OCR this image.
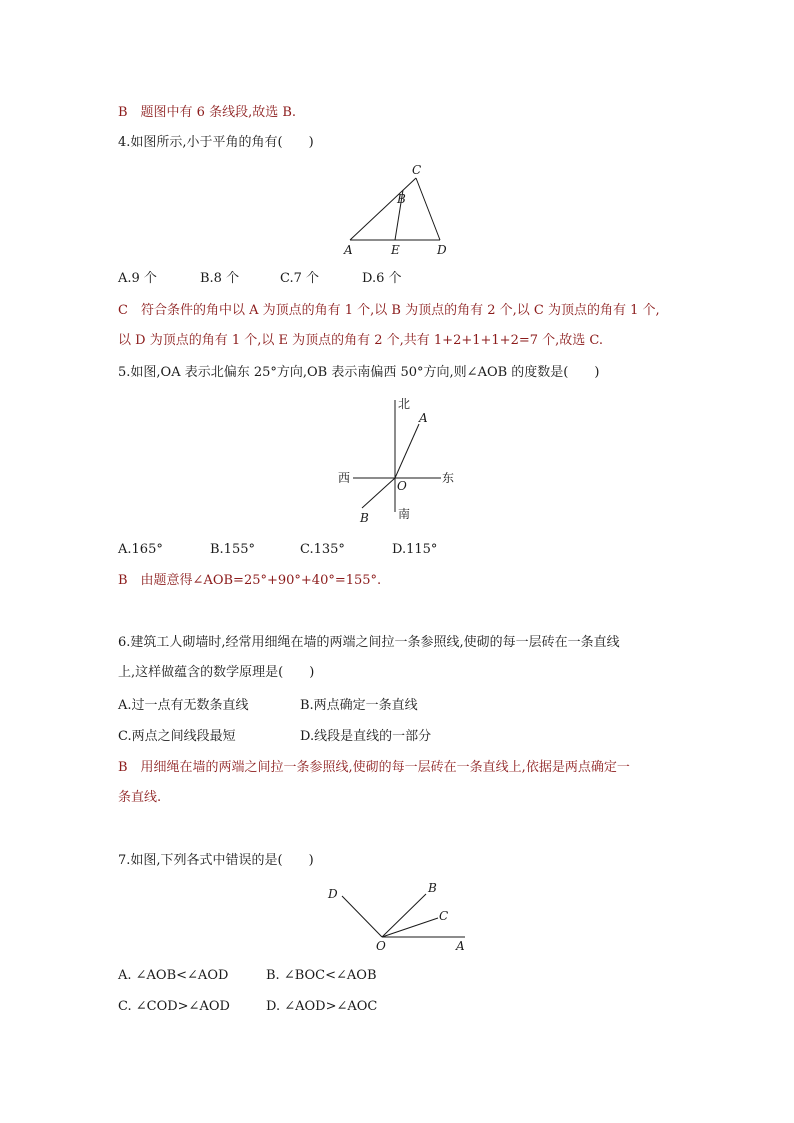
B　题图中有 6 条线段,故选 B.
4.如图所示,小于平角的角有(　　)
A	E	D
B
C
A.9 个	B.8 个	C.7 个	D.6 个
C　符合条件的角中以 A 为顶点的角有 1 个,以 B 为顶点的角有 2 个,以 C 为顶点的角有 1 个,
以 D 为顶点的角有 1 个,以 E 为顶点的角有 2 个,共有 1+2+1+1+2=7 个,故选 C.
5.如图,OA 表示北偏东 25°方向,OB 表示南偏西 50°方向,则∠AOB 的度数是(　　)
北
南
西	东
O
A
B
A.165°	B.155°	C.135°	D.115°
B　由题意得∠AOB=25°+90°+40°=155°.
6.建筑工人砌墙时,经常用细绳在墙的两端之间拉一条参照线,使砌的每一层砖在一条直线
上,这样做蕴含的数学原理是(　　)
A.过一点有无数条直线	B.两点确定一条直线
C.两点之间线段最短	D.线段是直线的一部分
B　用细绳在墙的两端之间拉一条参照线,使砌的每一层砖在一条直线上,依据是两点确定一
条直线.
7.如图,下列各式中错误的是(　　)
O	A
B
C
D
A. ∠AOB<∠AOD	B. ∠BOC<∠AOB
C. ∠COD>∠AOD	D. ∠AOD>∠AOC
